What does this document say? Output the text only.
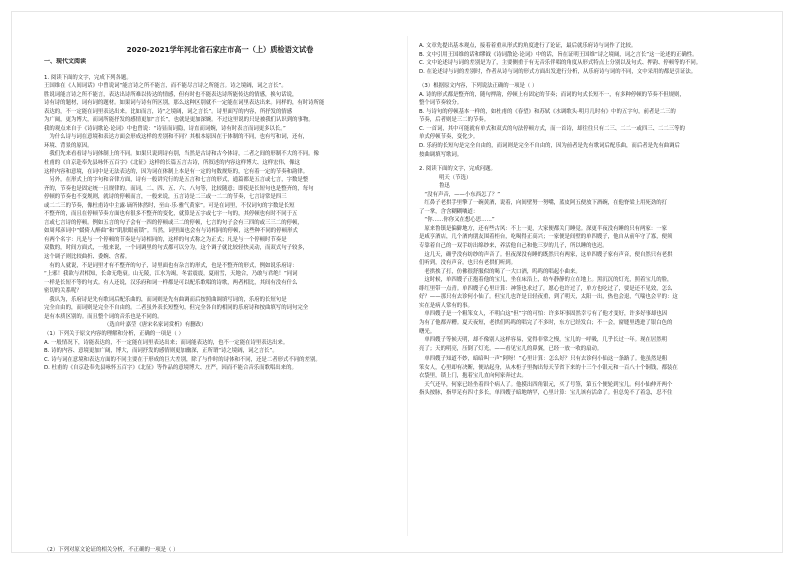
2020-2021学年河北省石家庄市高一（上）质检语文试卷

一、现代文阅读

1. 阅读下面的文字，完成下列各题。

王国维在《人间词话》中曾说词“能言诗之所不能言，而不能尽言诗之所能言。诗之境阔，词之言长”。

胜说词能言诗之所不能言，表达出诗所难以传达的情感，但有时也不能表达诗所能传达的情感，换句话说，

诗有诗的题材，词有词的题材。如果词与诗有所区别，那么这种区别就不一定能在词里表达出来。同样的，有时诗所能

表达的，不一定能在词里表达出来。比如而言，诗“之境阔，词之言长”。诗里面写的内容，所抒发的情感

为广阔，更为博大，而词所能抒发的感情更加“言长”，也就是更加深婉。不过这里说的只是被我们认识到的事物。

我的观点来自于《诗词歌论·论词》中也曾说：“诗显而词隐，诗直而词婉，诗有时表言而词更多以长。”

　为什么诗与词在意境和表达方面会形成这样的差别和不同？其根本原因在于体制的不同，也有写和词，还有，

环境、背景的原因。

　我们先来看看诗与词体制上的不同。如果只说到诗有别，当然是古诗和古今体诗，二者之间的形制不大的不同。像

杜甫的《自京赴奉先县咏怀五百字》《北征》这样的长篇五言古诗，所叙述的内容这样博大、这样宏伟，像这

这样内容和意境，在词中是无法表达的，因为词在体制上本是有一定的句数规矩的，它有着一定的节奏和韵律。

　另外，在形式上的字句和音律方面，诗有一般讲究行的是五言和七言的形式，通篇都是五言或七言，字数是整

齐的，节奏也是固定统一且规律的。而词，二、四、五、六、八句等，比较随意；即使是长短句也是整齐的，每句

停顿的节奏也不变规则，就诗的停顿而言，一般来说，五言诗是二三或一二二的节奏，七言诗常是四三

或二二三的节奏，像杜甫诗中主露·谪所体然时，至山·乐·雅气黄家”。可是在词里，不仅词句的字数是长短

不整齐的，而且在停顿节奏方面也有很多不整齐的变化，就算是五字或七字一句的，其停顿也有时不同于五

言或七言诗的停顿。例如五言的句子会有一四的停顿或三二的停顿，七言的句子会有三四的或三三二的停顿，

如周邦彦词中“媛倚人醉曲”和“肌肤眼前锁”。当然，词里面也会有与诗相同的停顿，这些种不同的停顿形式

有两个名字：凡是与一个停顿的节奏是与诗相同的，这样的句式称之为正式；凡是与一个停顿时节奏是

双数的，时间方面式，一般来说，一个词调里的句式都可以分为，这个调子就比较轻快灵动，而双式句子较多，

这个调子则比较曲折、委婉、含蓄。

　有的人就说，不是词里才有不整齐的句子，诗里面也有杂言的形式，也是不整齐的形式，例如说乐府诗：

“上邪！我欲与君相知，长命无绝衰。山无陵，江水为竭，冬雷震震，夏雨雪，天地合，乃敢与君绝！”同词

一样是长短不等的句式。有人还说，汉乐府和词一样都是可以配乐歌唱的诗歌，两者相比，其间有没有什么

密切的关系呢？

　我认为，乐府诗是先有歌词后配乐曲的，而词则是先有曲调而后按照曲调填写词的，乐府的长短句是

完全自由的，而词则是完全不自由的。二者虽外表长短整句，但完全各自的相同的乐府诗和按曲填写的词句完全

是有本质区别的。而且整个词的音乐也是不同的。

（选自叶嘉莹《唐宋名家词赏析》有删改）

（1）下列关于原文内容的理解和分析，正确的一项是（ ）

A. 一般情况下，诗能表达的，不一定能在词里表达出来；而词能表达的，也不一定能在诗里表达出来。

B. 诗的内容、意境更加广阔，博大，而词抒发的感情则更加幽深，正所谓“诗之境阔，词之言长”。

C. 诗与词在意境和表达方面的不同主要在于形成的巨大差别，除了与作时的诗体和不同，还是二者形式不同的差别。

D. 杜甫的《自京赴奉先县咏怀五百字》《北征》等作品的意境博大、庄严，因而不能合音乐而歌唱出来的。

（2）下列对原文论证的相关分析，不正确的一项是（ ）

A. 文章先提出基本观点，接着着重从形式的角度进行了论证，最后就乐府诗与词作了比较。

B. 文中引用王国维的话和缪钺《诗词散论·论词》中的话，旨在证明王国维“诗之境阔，词之言长”这一论述的正确性。

C. 文中论述诗与词的差别是为了，主要侧重于有无音乐伴唱的角度从形式特点上分别以及句式、押韵、停顿等的不同。

D. 在论述诗与词的差别时，作者从诗与词的形式方面出发进行分析，从乐府诗与词的不同，文中采用的都是引证法。

（3）根据原文内容，下列说法正确的一项是（ ）

A. 诗的形式都是整齐的，随句押韵，停顿上有固定的节奏；而词的句式长短不一，有多种停顿的节奏不但规则，

整个词节奏较分。

B. 与诗句的停顿基本一样的，如杜甫的《春望》和苏轼《水调歌头·明月几时有》中的五字句，前者是二三的

节奏，后者则是三二的节奏。

C. 一首词，其中可能就有单式和双式的句法停顿方式，而一首诗，却往往只有二三、二二一或四三、二二三等的

单式停顿节奏，变化少。

D. 乐府的长短句是完全自由的，而词则是完全不自由的，因为前者是先有歌词后配乐曲，而后者是先有曲调后

按曲调填写歌词。

2. 阅读下面的文字，完成问题。

明天（节选）

鲁迅

　“没有声音，——小东西怎了？”

　红鼻子老拱手里擎了一碗黄酒，说着，向间壁努一努嘴，蓝皮阿五便放下酒碗，在他脊梁上用死劲的打

了一掌，含含糊糊嚷道：

　“你……你你又在想心思……”

　原来鲁镇是偏僻地方，还有些古风：不上一更，大家便都关门睡觉。深更半夜没有睡的只有两家：一家

是咸亨酒店，几个酒肉朋友围着柜台，吃喝得正高兴；一家便是间壁的单四嫂子，他自从前年守了寡，便须

专靠着自己的一双手纺出绵纱来，养活他自己和他三岁的儿子，所以睡的也迟。

　这几天，确乎没有纺纱的声音了。但夜深没有睡的既然只有两家，这单四嫂子家有声音，便自然只有老拱

们听到，没有声音，也只有老拱们听到。

　老拱挨了打，仿佛很舒服似的喝了一大口酒，呜呜的唱起小曲来。

　这时候，单四嫂子正抱着他的宝儿，坐在床沿上，纺车静静的立在地上。黑沉沉的灯光，照着宝儿的脸，

绯红里带一点青。单四嫂子心里计算：神签也求过了，愿心也许过了，单方也吃过了，要是还不见效，怎么

好？——那只有去诊何小仙了。但宝儿也许是日轻夜重，到了明天，太阳一出，热也会退，气喘也会平的：这

实在是病人常有的事。

　单四嫂子是一个粗笨女人，不明白这“但”字的可怕：许多坏事固然幸亏有了他才变好，许多好事却也因

为有了他都弄糟。夏天夜短，老拱们呜呜的唱完了不多时，东方已经发白；不一会，窗缝里透进了银白色的

曙光。

　单四嫂子等候天明，却不像别人这样容易，觉得非常之慢，宝儿的一呼吸，几乎长过一年。现在居然明

亮了；天的明亮，压倒了灯光，——看见宝儿的鼻翼，已经一放一收的扇动。

　单四嫂子知道不妙，暗暗叫一声“阿呀！”心里计算：怎么好？只有去诊何小仙这一条路了。他虽然是粗

笨女人，心里却有决断，便站起身，从木柜子里掏出每天节省下来的十三个小银元和一百八十个铜钱，都装在

衣袋里，锁上门，抱着宝儿直向何家奔过去。

　天气还早，何家已经坐着四个病人了。他摸出四角银元，买了号签，第五个便轮到宝儿。何小仙伸开两个

指头按脉，指甲足有四寸多长，单四嫂子暗地纳罕，心里计算：宝儿该有活命了。但总免不了着急，忍不住
